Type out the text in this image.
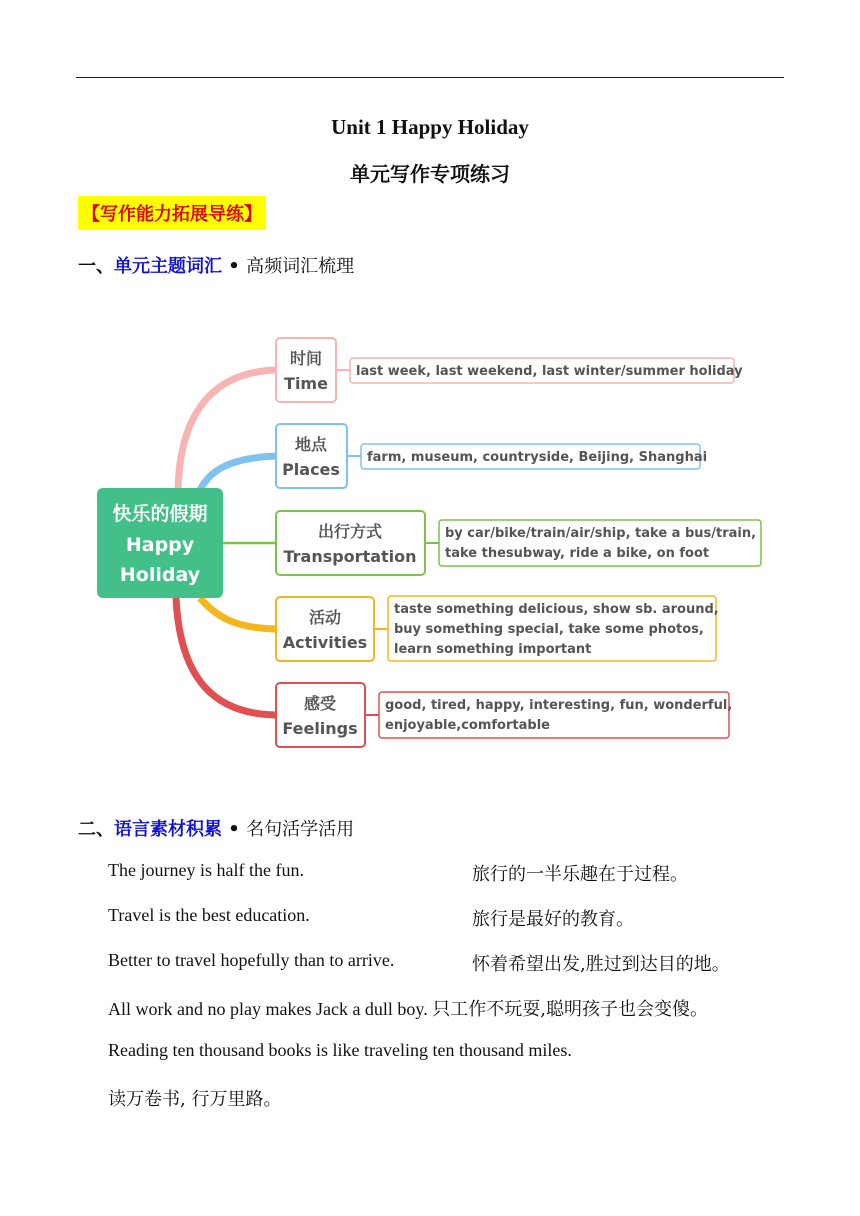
Unit 1 Happy Holiday
单元写作专项练习
【写作能力拓展导练】
一、单元主题词汇 • 高频词汇梳理
快乐的假期
Happy
Holiday
时间
Time
last week, last weekend, last winter/summer holiday
地点
Places
farm, museum, countryside, Beijing, Shanghai
出行方式
Transportation
by car/bike/train/air/ship, take a bus/train,
take thesubway, ride a bike, on foot
活动
Activities
taste something delicious, show sb. around,
buy something special, take some photos,
learn something important
感受
Feelings
good, tired, happy, interesting, fun, wonderful,
enjoyable,comfortable
二、语言素材积累 • 名句活学活用
The journey is half the fun.	旅行的一半乐趣在于过程。
Travel is the best education.	旅行是最好的教育。
Better to travel hopefully than to arrive.	怀着希望出发,胜过到达目的地。
All work and no play makes Jack a dull boy. 只工作不玩耍,聪明孩子也会变傻。
Reading ten thousand books is like traveling ten thousand miles.
读万卷书, 行万里路。
